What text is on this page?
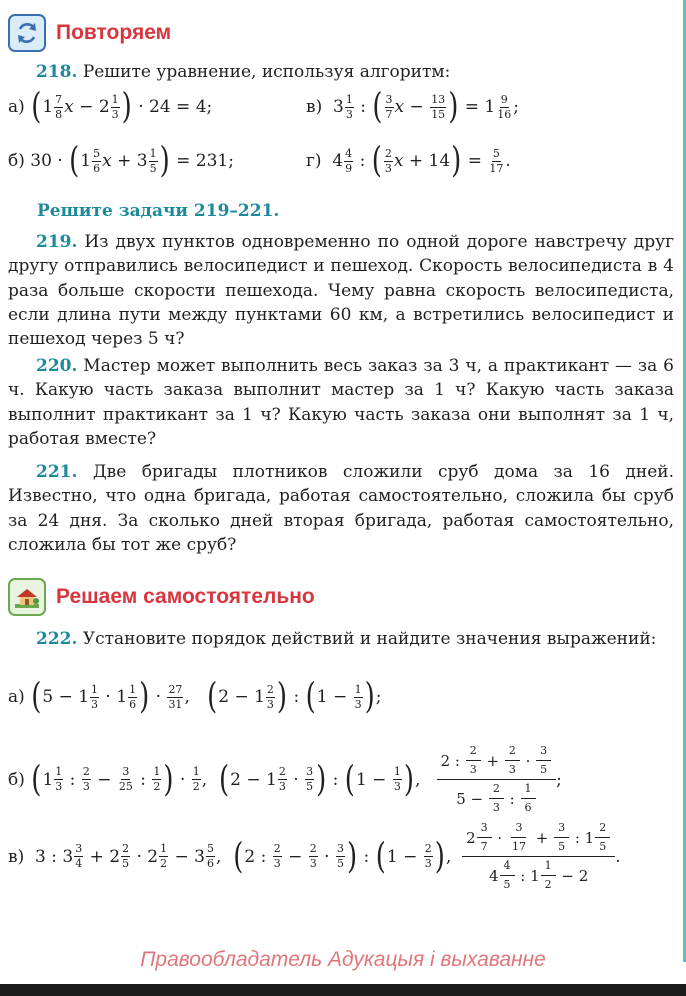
Повторяем
218. Решите уравнение, используя алгоритм:
а)
( 1 7
8 x − 2 1
3 )
· 24 = 4;	в) 3 1
3 : ( 3
7 x − 13
15 )
= $1 \frac{9}{16}$ ;
б)
30 ·
( 1 5
6 x + 3 1
5 )
= 231;	г) 4 4
9 : ( 2
3 x + 14 )
=
$\frac{5}{17}$ .
Решите задачи 219–221.
219. Из двух пунктов одновременно по одной дороге навстречу друг другу отправились велосипедист и пешеход. Скорость велосипедиста в 4 раза больше скорости пешехода. Чему равна скорость велосипедиста, если длина пути между пунктами 60 км, а встретились велосипедист и пешеход через 5 ч?
220. Мастер может выполнить весь заказ за 3 ч, а практикант — за 6 ч. Какую часть заказа выполнит мастер за 1 ч? Какую часть заказа выполнит практикант за 1 ч? Какую часть заказа они выполнят за 1 ч, работая вместе?
221. Две бригады плотников сложили сруб дома за 16 дней. Известно, что одна бригада, работая самостоятельно, сложила бы сруб за 24 дня. За сколько дней вторая бригада, работая самостоятельно, сложила бы тот же сруб?
Решаем самостоятельно
222. Установите порядок действий и найдите значения выражений:
а)
( 5 − 1 1
3 · 1 1
6 ) · 27
31 , ( 2 − 1 2
3 ) : ( 1 − 1
3 ) ;
б)
( 1 1
3 : 2
3 − 3
25 : 1
2 ) · 1
2 , ( 2 − 1 2
3 · 3
5 ) : ( 1 − 1
3 ) ,
2 :
2
3 +
2
3 ·
3
5
5 −
2
3 :
1
6
;
в) 3 : 3 3
4 + 2 2
5 · 2 1
2 − 3 5
6 , ( 2 : 2
3 − 2
3 · 3
5 ) : ( 1 − 2
3 ) ,
2
3
7 ·
3
17 +
3
5 : 1
2
5
4
4
5 : 1
1
2 − 2
.
Правообладатель Адукацыя і выхаванне
